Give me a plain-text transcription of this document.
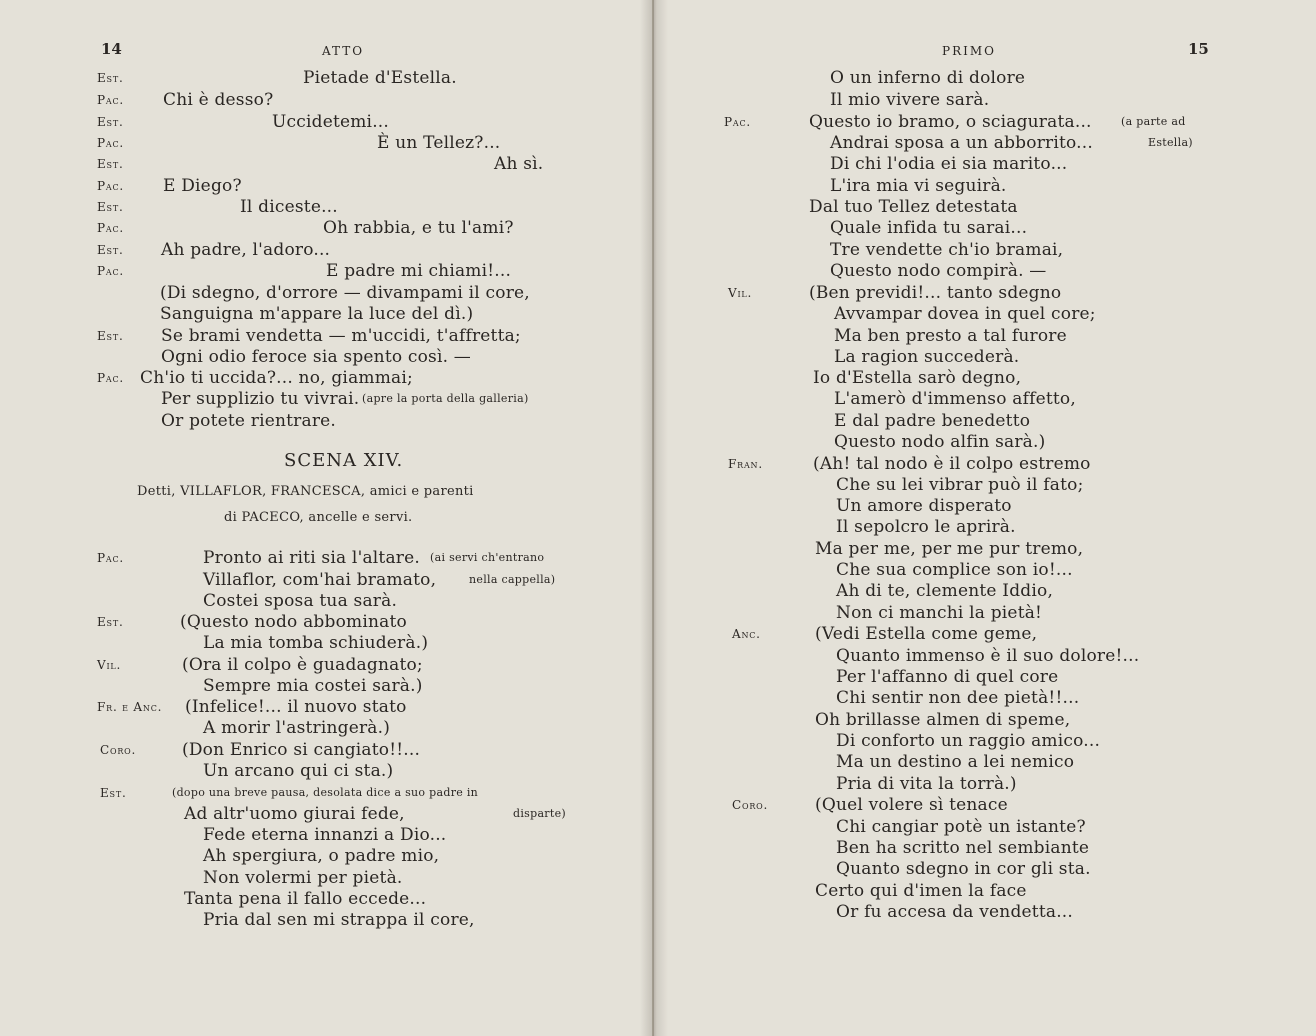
14	ATTO
SCENA XIV.
Detti, VILLAFLOR, FRANCESCA, amici e parenti
di PACECO, ancelle e servi.
Est.	Pietade d'Estella.
Pac. Chi è desso?
Est.	Uccidetemi...
Pac.	È un Tellez?...
Est.	Ah sì.
Pac. E Diego?
Est.	Il diceste...
Pac.	Oh rabbia, e tu l'ami?
Est. Ah padre, l'adoro...
Pac.	E padre mi chiami!...
(Di sdegno, d'orrore — divampami il core,
Sanguigna m'appare la luce del dì.)
Est. Se brami vendetta — m'uccidi, t'affretta;
Ogni odio feroce sia spento così. —
Pac. Ch'io ti uccida?... no, giammai;
Per supplizio tu vivrai.
Or potete rientrare.
Pac.	Pronto ai riti sia l'altare.
Villaflor, com'hai bramato,
Costei sposa tua sarà.
Est.	(Questo nodo abbominato
La mia tomba schiuderà.)
Vil.	(Ora il colpo è guadagnato;
Sempre mia costei sarà.)
Fr. e Anc. (Infelice!... il nuovo stato
A morir l'astringerà.)
Coro.	(Don Enrico si cangiato!!...
Un arcano qui ci sta.)
Est.
Ad altr'uomo giurai fede,
Fede eterna innanzi a Dio...
Ah spergiura, o padre mio,
Non volermi per pietà.
Tanta pena il fallo eccede...
Pria dal sen mi strappa il core,
(apre la porta della galleria)
(ai servi ch'entrano
nella cappella)
(dopo una breve pausa, desolata dice a suo padre in
disparte)
PRIMO	15
O un inferno di dolore
Il mio vivere sarà.
Pac.	Questo io bramo, o sciagurata...
Andrai sposa a un abborrito...
Di chi l'odia ei sia marito...
L'ira mia vi seguirà.
Dal tuo Tellez detestata
Quale infida tu sarai...
Tre vendette ch'io bramai,
Questo nodo compirà. —
Vil.	(Ben previdi!... tanto sdegno
Avvampar dovea in quel core;
Ma ben presto a tal furore
La ragion succederà.
Io d'Estella sarò degno,
L'amerò d'immenso affetto,
E dal padre benedetto
Questo nodo alfin sarà.)
Fran.	(Ah! tal nodo è il colpo estremo
Che su lei vibrar può il fato;
Un amore disperato
Il sepolcro le aprirà.
Ma per me, per me pur tremo,
Che sua complice son io!...
Ah di te, clemente Iddio,
Non ci manchi la pietà!
Anc.	(Vedi Estella come geme,
Quanto immenso è il suo dolore!...
Per l'affanno di quel core
Chi sentir non dee pietà!!...
Oh brillasse almen di speme,
Di conforto un raggio amico...
Ma un destino a lei nemico
Pria di vita la torrà.)
Coro.	(Quel volere sì tenace
Chi cangiar potè un istante?
Ben ha scritto nel sembiante
Quanto sdegno in cor gli sta.
Certo qui d'imen la face
Or fu accesa da vendetta...
(a parte ad
Estella)
